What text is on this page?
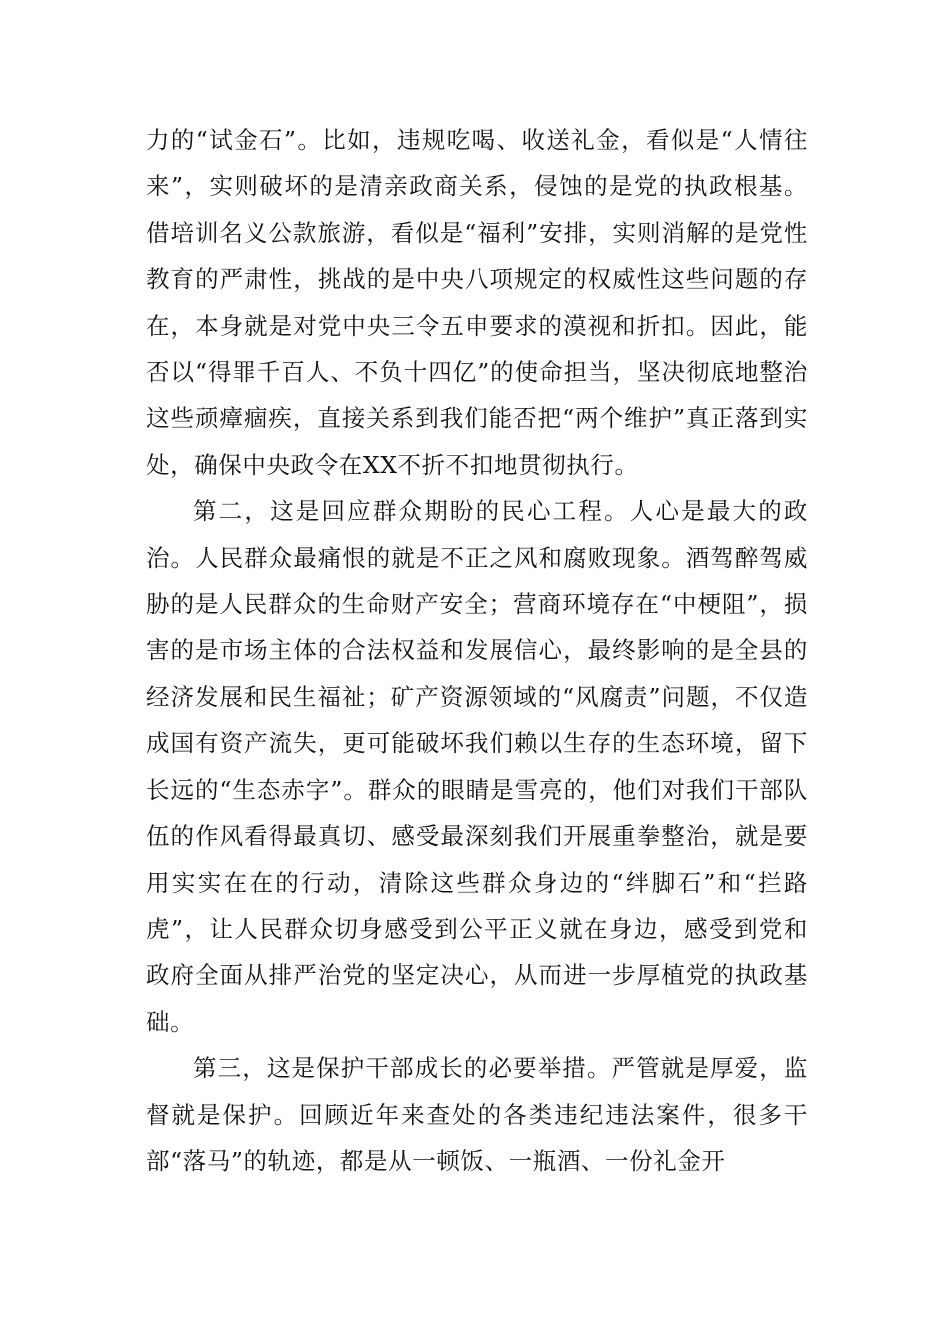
力的“试金石”。比如，违规吃喝、收送礼金，看似是“人情往来”，实则破坏的是清亲政商关系，侵蚀的是党的执政根基。借培训名义公款旅游，看似是“福利”安排，实则消解的是党性教育的严肃性，挑战的是中央八项规定的权威性这些问题的存在，本身就是对党中央三令五申要求的漠视和折扣。因此，能否以“得罪千百人、不负十四亿”的使命担当，坚决彻底地整治这些顽瘴痼疾，直接关系到我们能否把“两个维护”真正落到实处，确保中央政令在XX不折不扣地贯彻执行。

第二，这是回应群众期盼的民心工程。人心是最大的政治。人民群众最痛恨的就是不正之风和腐败现象。酒驾醉驾威胁的是人民群众的生命财产安全；营商环境存在“中梗阻”，损害的是市场主体的合法权益和发展信心，最终影响的是全县的经济发展和民生福祉；矿产资源领域的“风腐责”问题，不仅造成国有资产流失，更可能破坏我们赖以生存的生态环境，留下长远的“生态赤字”。群众的眼睛是雪亮的，他们对我们干部队伍的作风看得最真切、感受最深刻我们开展重拳整治，就是要用实实在在的行动，清除这些群众身边的“绊脚石”和“拦路虎”，让人民群众切身感受到公平正义就在身边，感受到党和政府全面从排严治党的坚定决心，从而进一步厚植党的执政基础。

第三，这是保护干部成长的必要举措。严管就是厚爱，监督就是保护。回顾近年来查处的各类违纪违法案件，很多干部“落马”的轨迹，都是从一顿饭、一瓶酒、一份礼金开
